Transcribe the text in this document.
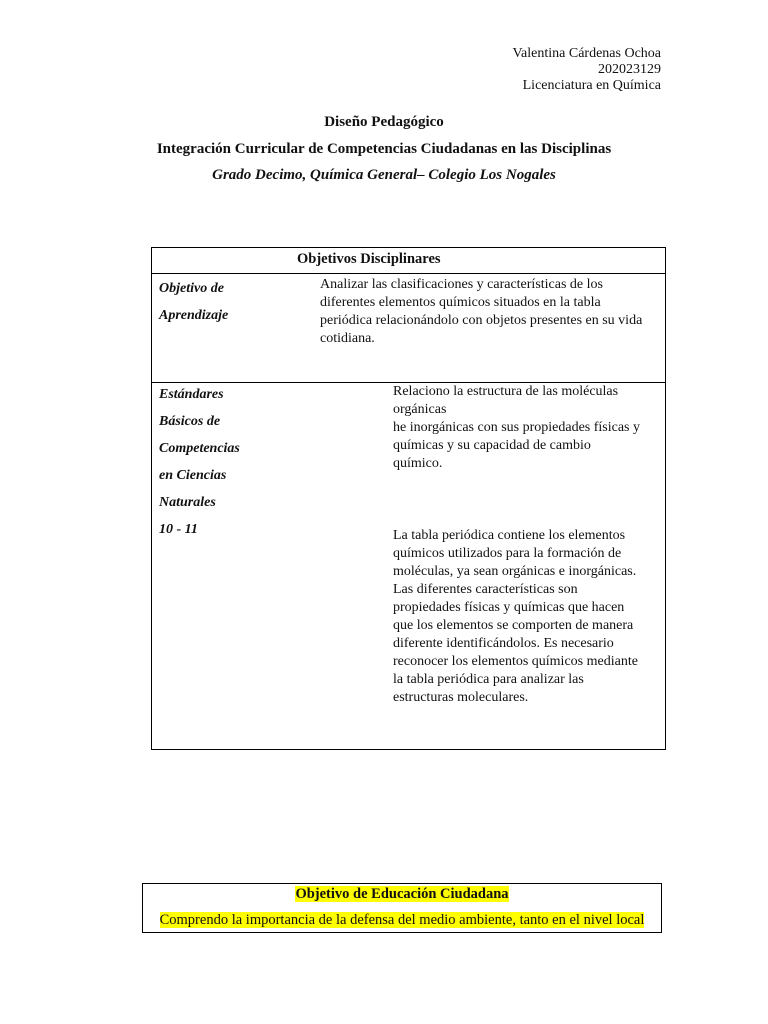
Valentina Cárdenas Ochoa
202023129
Licenciatura en Química
Diseño Pedagógico
Integración Curricular de Competencias Ciudadanas en las Disciplinas
Grado Decimo, Química General– Colegio Los Nogales
Objetivos Disciplinares
Objetivo de
Aprendizaje
Analizar las clasificaciones y características de los diferentes elementos químicos situados en la tabla periódica relacionándolo con objetos presentes en su vida cotidiana.
Estándares
Básicos de
Competencias
en Ciencias
Naturales
10 - 11
Relaciono la estructura de las moléculas
orgánicas
he inorgánicas con sus propiedades físicas y
químicas y su capacidad de cambio
químico.
La tabla periódica contiene los elementos
químicos utilizados para la formación de
moléculas, ya sean orgánicas e inorgánicas.
Las diferentes características son
propiedades físicas y químicas que hacen
que los elementos se comporten de manera
diferente identificándolos. Es necesario
reconocer los elementos químicos mediante
la tabla periódica para analizar las
estructuras moleculares.
Objetivo de Educación Ciudadana
Comprendo la importancia de la defensa del medio ambiente, tanto en el nivel local
